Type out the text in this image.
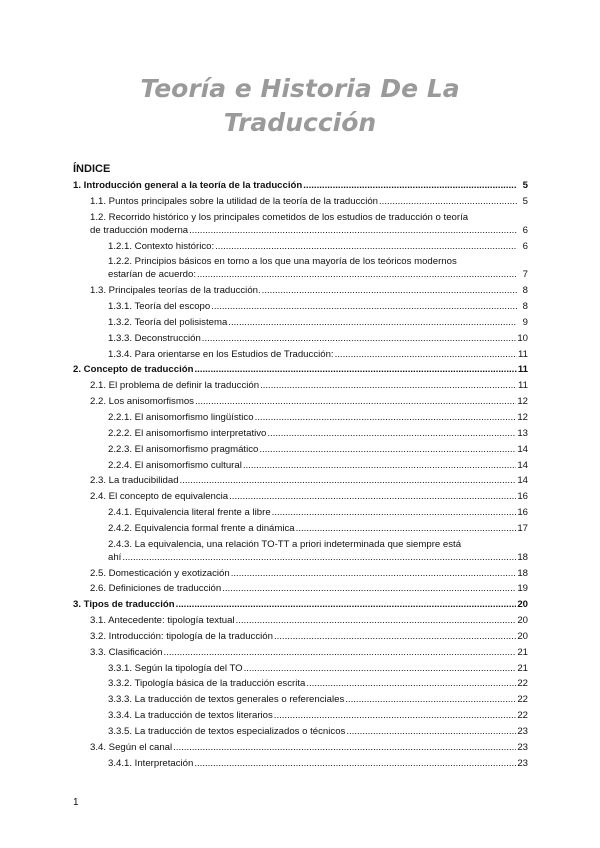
Teoría e Historia De La
Traducción
ÍNDICE
1. Introducción general a la teoría de la traducción .....	5
1.1. Puntos principales sobre la utilidad de la teoría de la traducción .....	5
1.2. Recorrido histórico y los principales cometidos de los estudios de traducción o teoría
de traducción moderna .....	6
1.2.1. Contexto histórico: .....	6
1.2.2. Principios básicos en torno a los que una mayoría de los teóricos modernos
estarían de acuerdo: .....	7
1.3. Principales teorías de la traducción. .....	8
1.3.1. Teoría del escopo .....	8
1.3.2. Teoría del polisistema .....	9
1.3.3. Deconstrucción .....	10
1.3.4. Para orientarse en los Estudios de Traducción: .....	11
2. Concepto de traducción .....	11
2.1. El problema de definir la traducción .....	11
2.2. Los anisomorfismos .....	12
2.2.1. El anisomorfismo lingüístico .....	12
2.2.2. El anisomorfismo interpretativo .....	13
2.2.3. El anisomorfismo pragmático .....	14
2.2.4. El anisomorfismo cultural .....	14
2.3. La traducibilidad .....	14
2.4. El concepto de equivalencia .....	16
2.4.1. Equivalencia literal frente a libre .....	16
2.4.2. Equivalencia formal frente a dinámica .....	17
2.4.3. La equivalencia, una relación TO-TT a priori indeterminada que siempre está
ahí .....	18
2.5. Domesticación y exotización .....	18
2.6. Definiciones de traducción .....	19
3. Tipos de traducción .....	20
3.1. Antecedente: tipología textual .....	20
3.2. Introducción: tipología de la traducción .....	20
3.3. Clasificación .....	21
3.3.1. Según la tipología del TO .....	21
3.3.2. Tipología básica de la traducción escrita .....	22
3.3.3. La traducción de textos generales o referenciales .....	22
3.3.4. La traducción de textos literarios .....	22
3.3.5. La traducción de textos especializados o técnicos .....	23
3.4. Según el canal .....	23
3.4.1. Interpretación .....	23
1
